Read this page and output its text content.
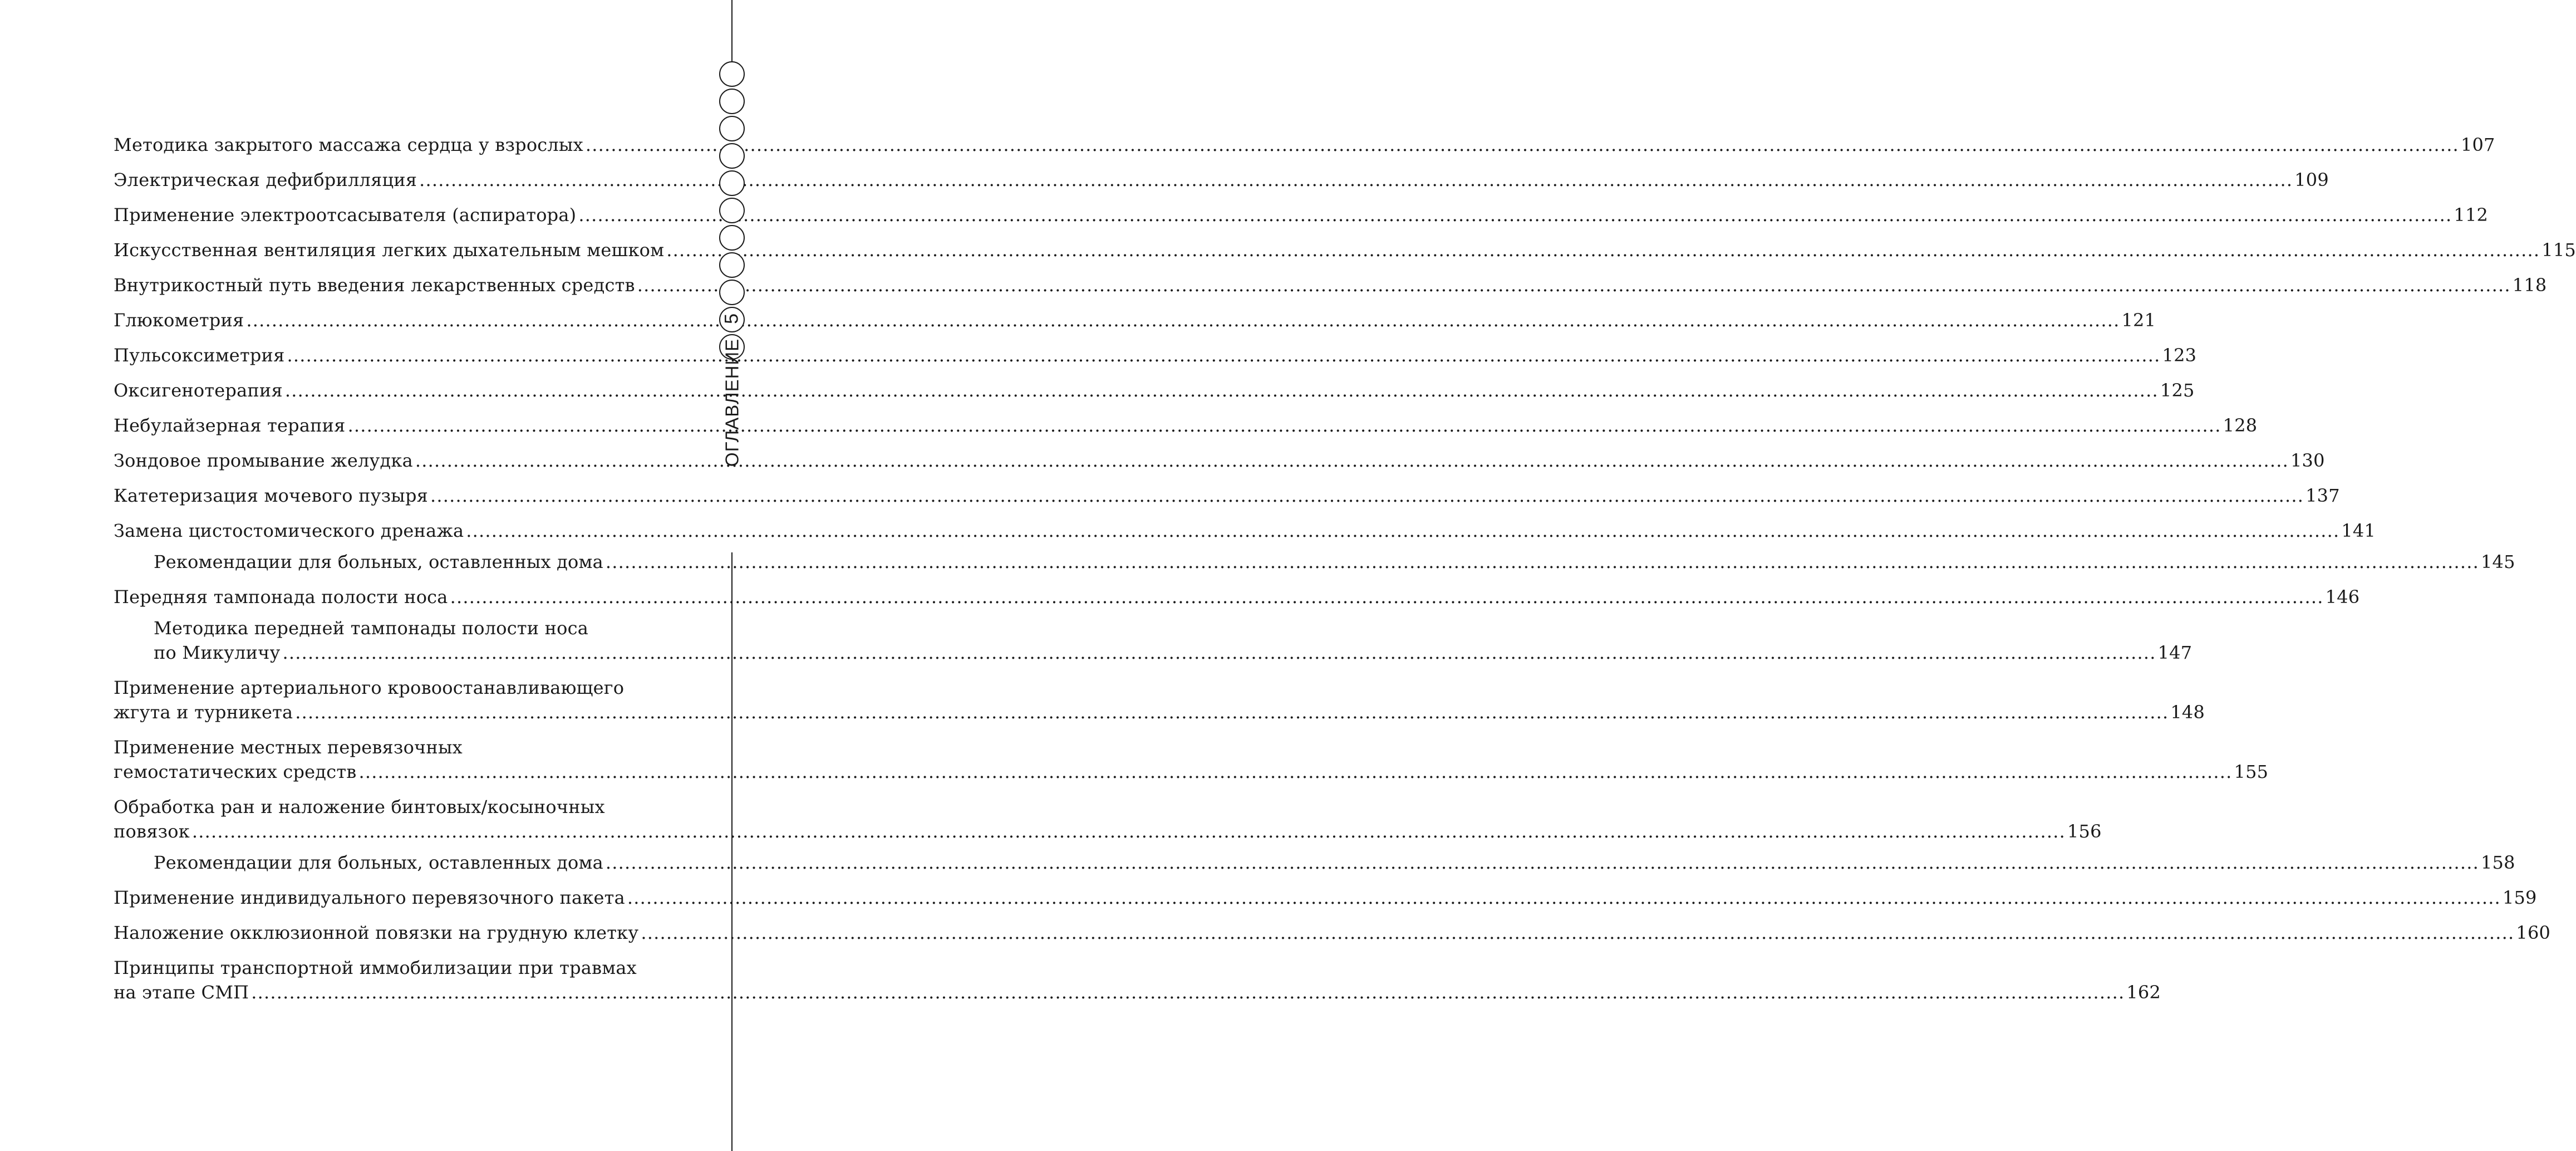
Методика закрытого массажа сердца у взрослых .....	107
Электрическая дефибрилляция .....	109
Применение электроотсасывателя (аспиратора) .....	112
Искусственная вентиляция легких дыхательным мешком .....	115
Внутрикостный путь введения лекарственных средств .....	118
Глюкометрия .....	121
Пульсоксиметрия .....	123
Оксигенотерапия .....	125
Небулайзерная терапия .....	128
Зондовое промывание желудка .....	130
Катетеризация мочевого пузыря .....	137
Замена цистостомического дренажа .....	141
Рекомендации для больных, оставленных дома .....	145
Передняя тампонада полости носа .....	146
Методика передней тампонады полости носа
по Микуличу .....	147
Применение артериального кровоостанавливающего
жгута и турникета .....	148
Применение местных перевязочных
гемостатических средств .....	155
Обработка ран и наложение бинтовых/косыночных
повязок .....	156
Рекомендации для больных, оставленных дома .....	158
Применение индивидуального перевязочного пакета .....	159
Наложение окклюзионной повязки на грудную клетку .....	160
Принципы транспортной иммобилизации при травмах
на этапе СМП .....	162
ОГЛАВЛЕНИЕ
5
